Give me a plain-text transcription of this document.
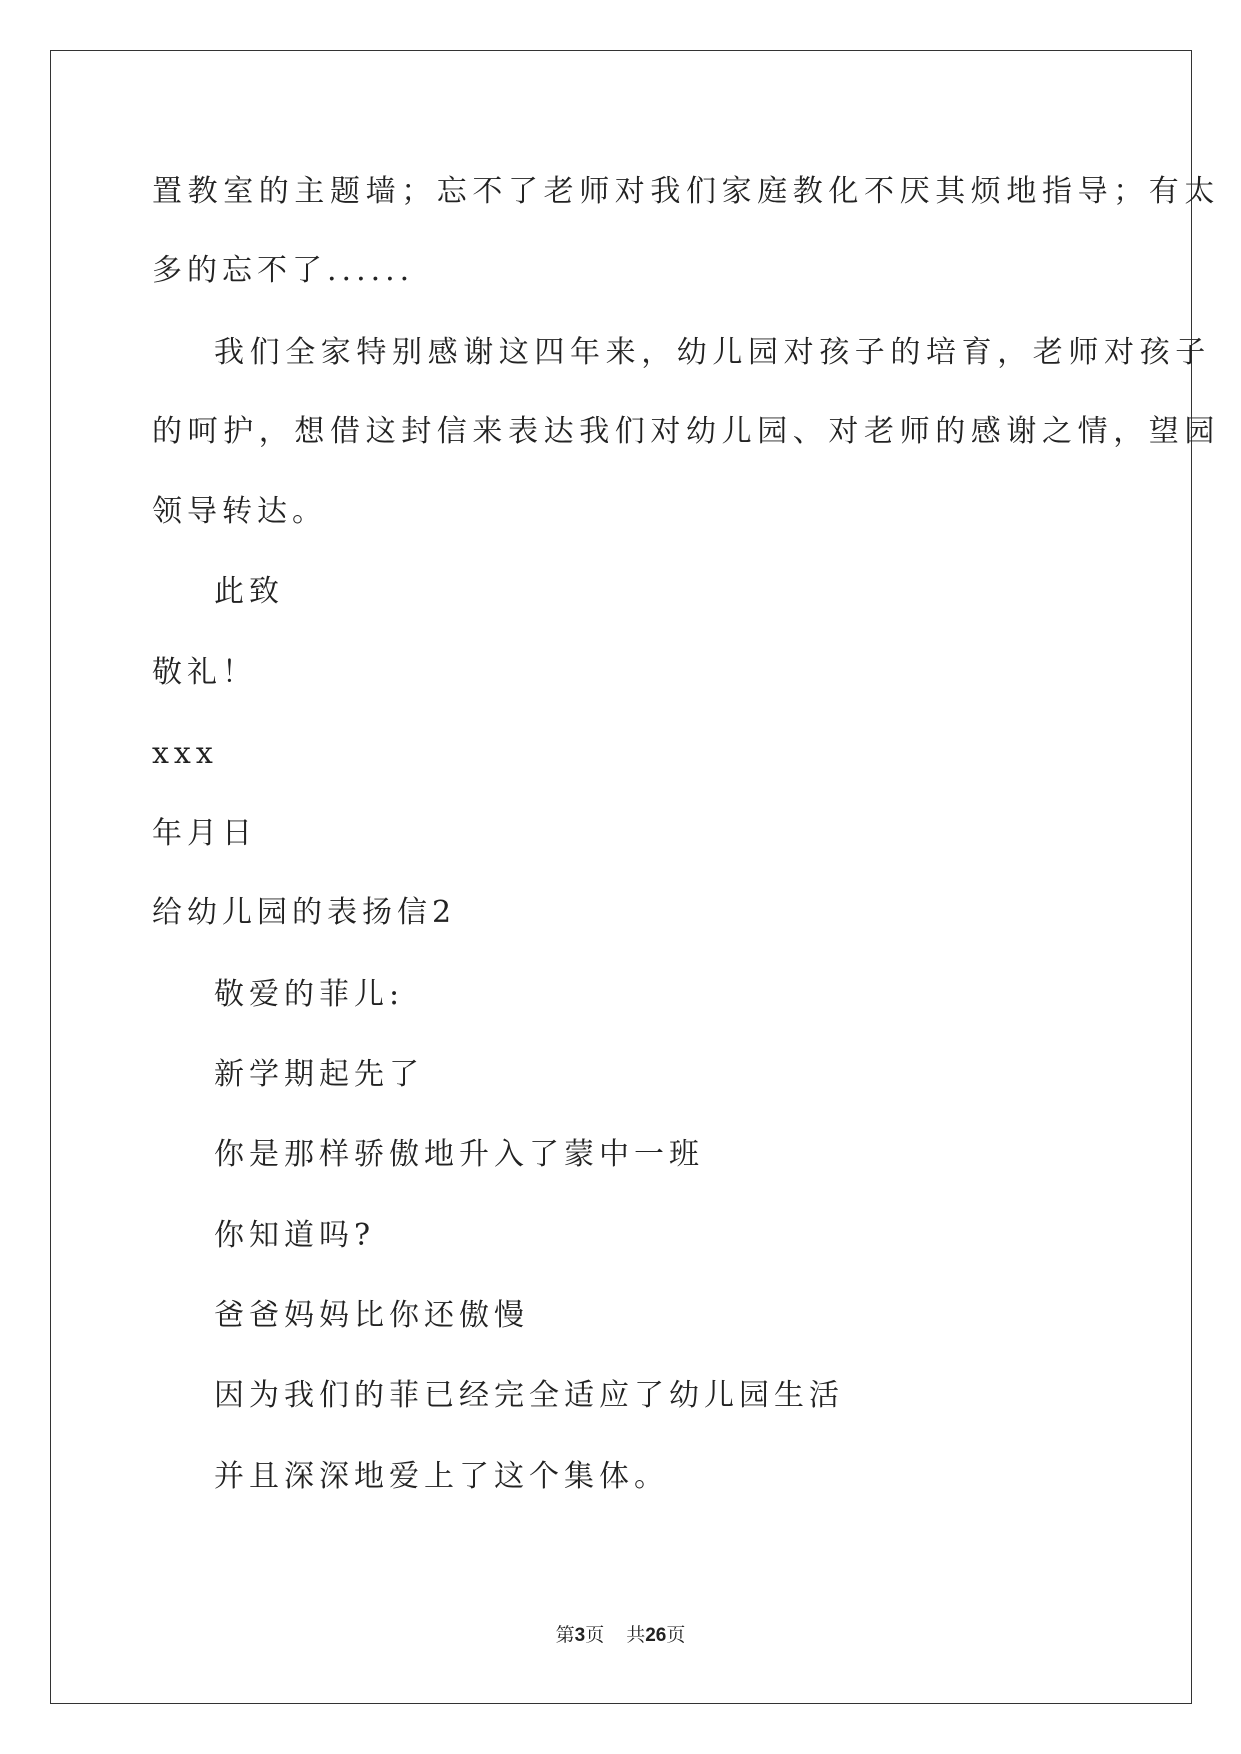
置教室的主题墙；忘不了老师对我们家庭教化不厌其烦地指导；有太
多的忘不了......
我们全家特别感谢这四年来，幼儿园对孩子的培育，老师对孩子
的呵护，想借这封信来表达我们对幼儿园、对老师的感谢之情，望园
领导转达。
此致
敬礼！
xxx
年月日
给幼儿园的表扬信2
敬爱的菲儿:
新学期起先了
你是那样骄傲地升入了蒙中一班
你知道吗?
爸爸妈妈比你还傲慢
因为我们的菲已经完全适应了幼儿园生活
并且深深地爱上了这个集体。
第3页 共26页
